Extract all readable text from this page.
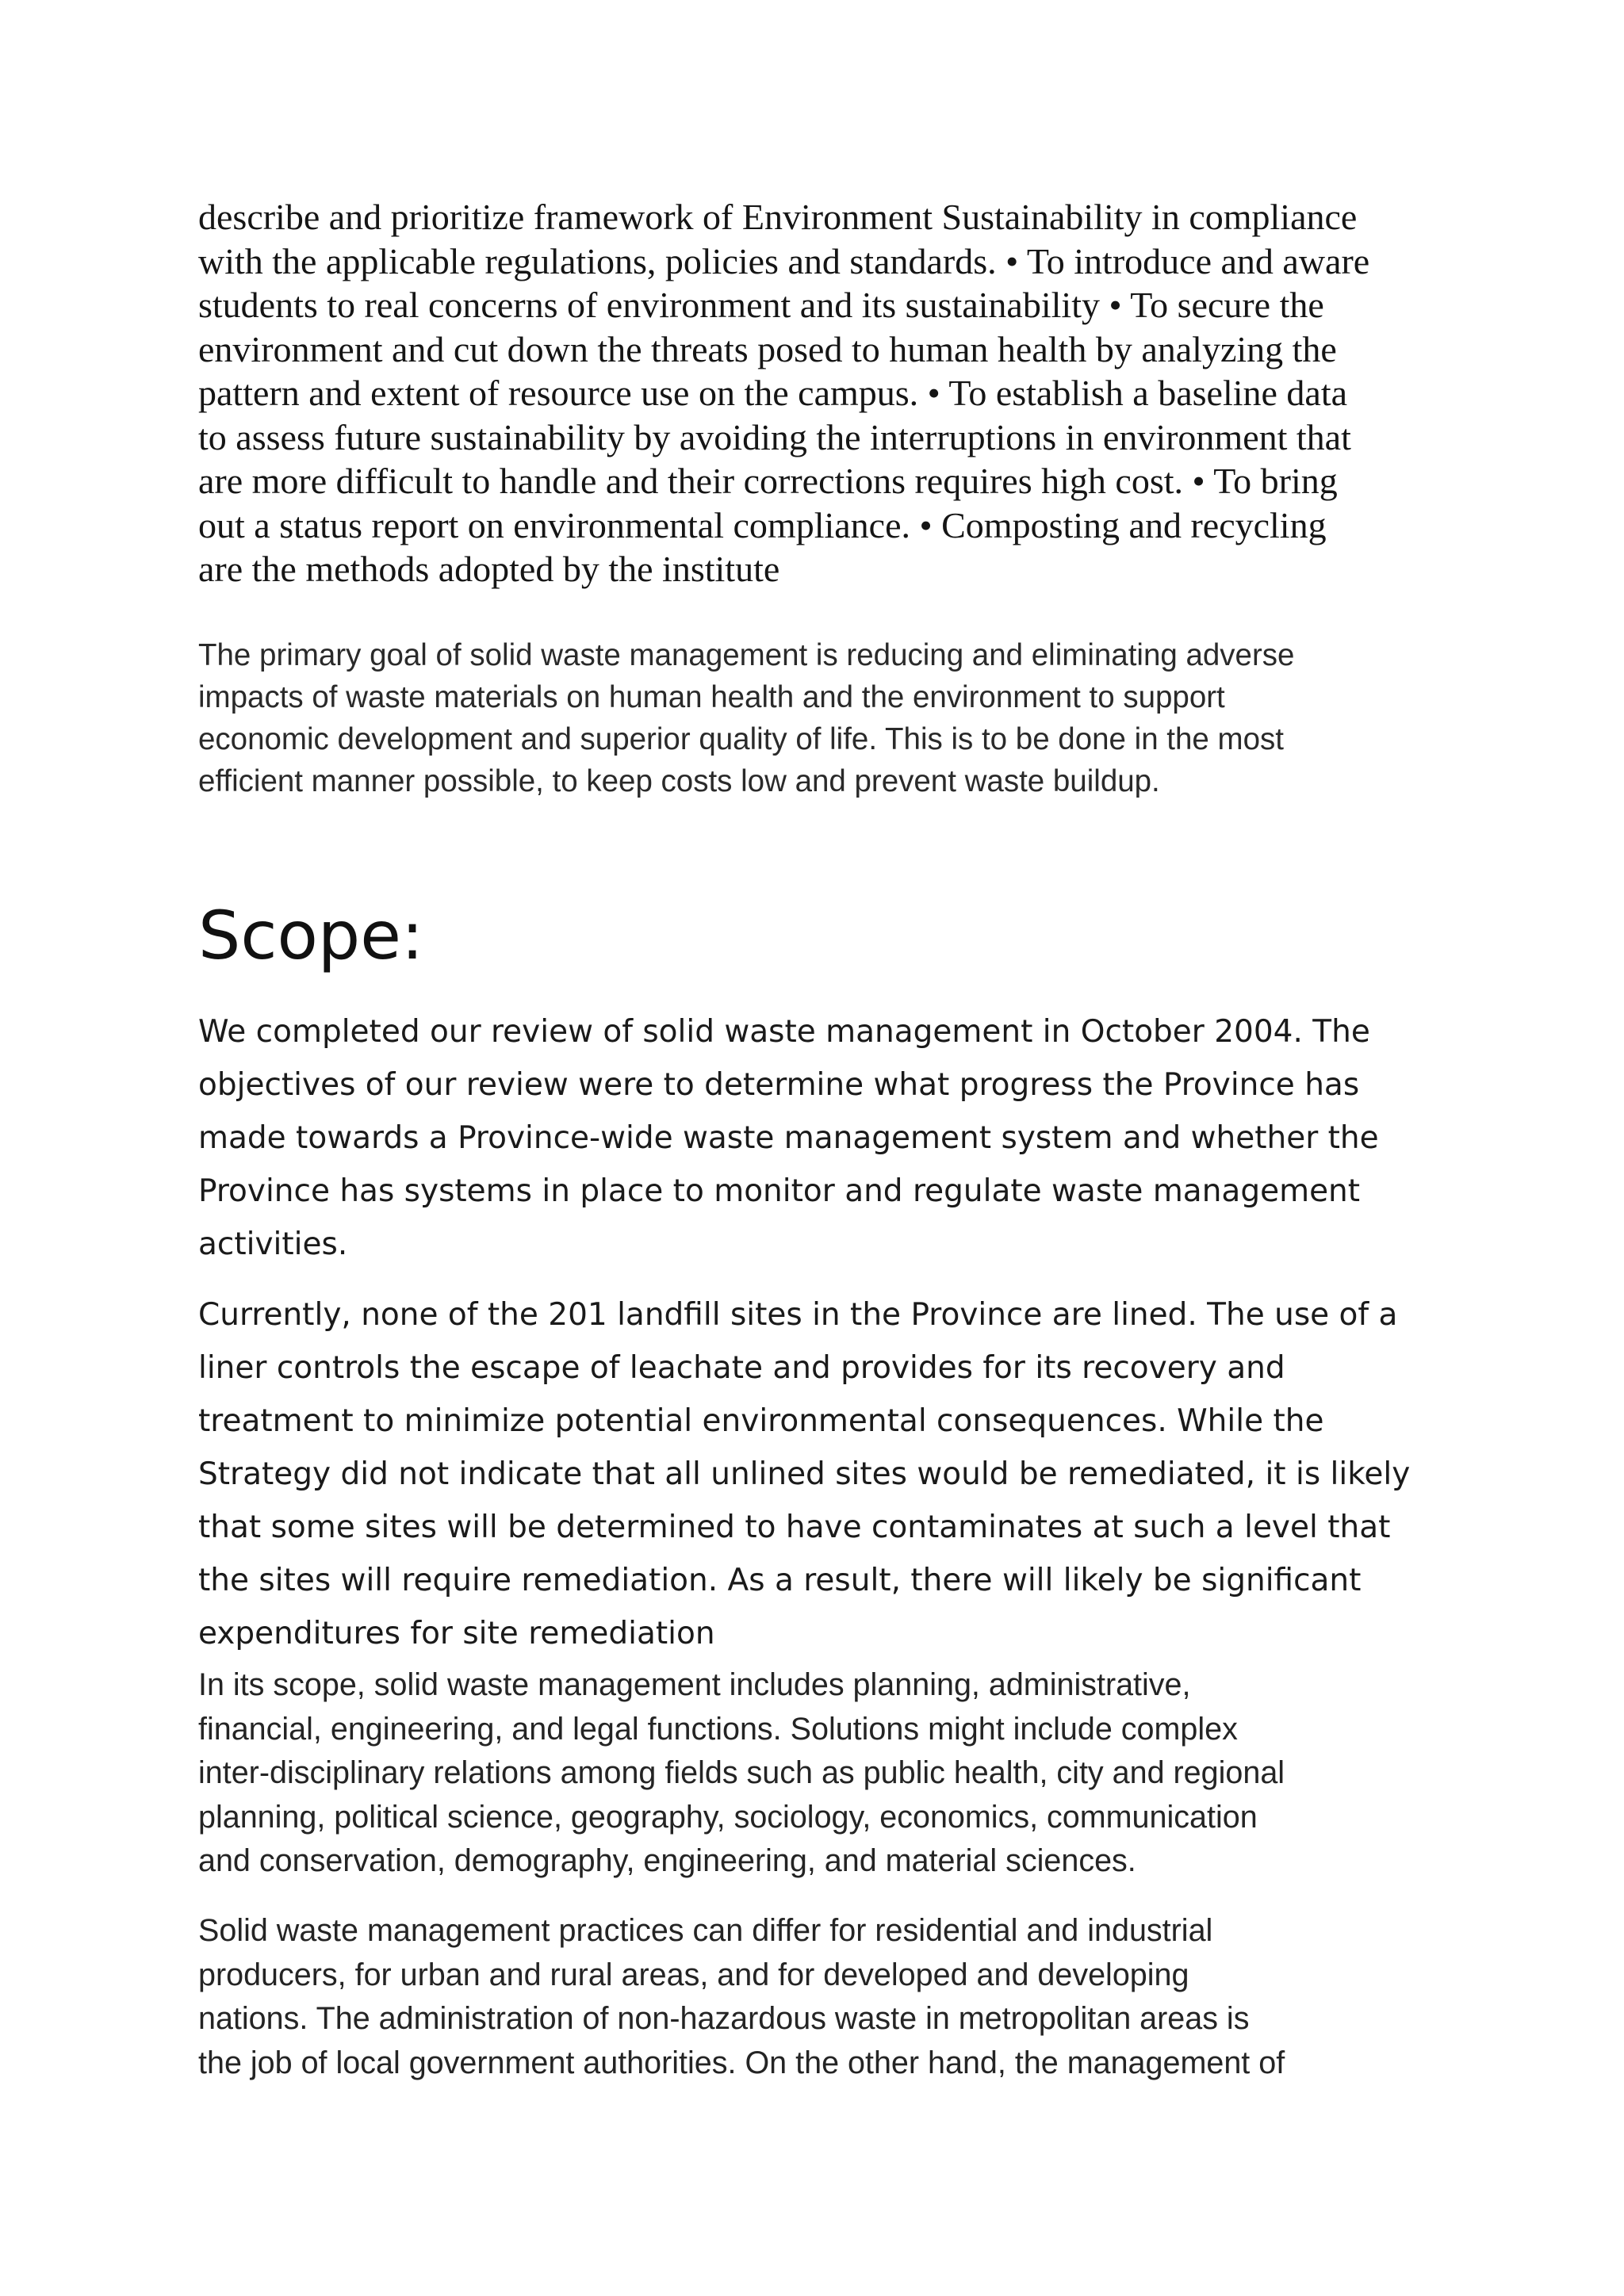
describe and prioritize framework of Environment Sustainability in compliance
with the applicable regulations, policies and standards. • To introduce and aware
students to real concerns of environment and its sustainability • To secure the
environment and cut down the threats posed to human health by analyzing the
pattern and extent of resource use on the campus. • To establish a baseline data
to assess future sustainability by avoiding the interruptions in environment that
are more difficult to handle and their corrections requires high cost. • To bring
out a status report on environmental compliance. • Composting and recycling
are the methods adopted by the institute

The primary goal of solid waste management is reducing and eliminating adverse
impacts of waste materials on human health and the environment to support
economic development and superior quality of life. This is to be done in the most
efficient manner possible, to keep costs low and prevent waste buildup.

Scope:

We completed our review of solid waste management in October 2004. The
objectives of our review were to determine what progress the Province has
made towards a Province-wide waste management system and whether the
Province has systems in place to monitor and regulate waste management
activities.

Currently, none of the 201 landfill sites in the Province are lined. The use of a
liner controls the escape of leachate and provides for its recovery and
treatment to minimize potential environmental consequences. While the
Strategy did not indicate that all unlined sites would be remediated, it is likely
that some sites will be determined to have contaminates at such a level that
the sites will require remediation. As a result, there will likely be significant
expenditures for site remediation

In its scope, solid waste management includes planning, administrative,
financial, engineering, and legal functions. Solutions might include complex
inter-disciplinary relations among fields such as public health, city and regional
planning, political science, geography, sociology, economics, communication
and conservation, demography, engineering, and material sciences.

Solid waste management practices can differ for residential and industrial
producers, for urban and rural areas, and for developed and developing
nations. The administration of non-hazardous waste in metropolitan areas is
the job of local government authorities. On the other hand, the management of
